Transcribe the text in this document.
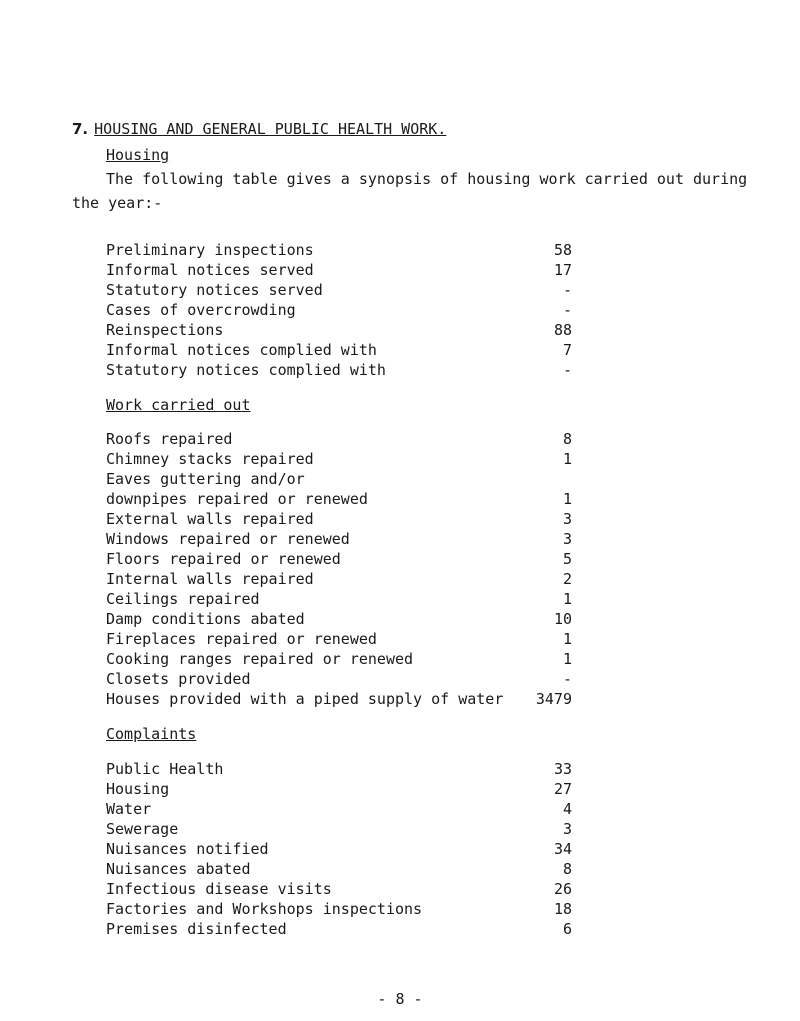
7. HOUSING AND GENERAL PUBLIC HEALTH WORK.
Housing
The following table gives a synopsis of housing work carried out during
the year:-
Preliminary inspections	58
Informal notices served	17
Statutory notices served	-
Cases of overcrowding	-
Reinspections	88
Informal notices complied with	7
Statutory notices complied with	-
Work carried out
Roofs repaired	8
Chimney stacks repaired	1
Eaves guttering and/or
downpipes repaired or renewed	1
External walls repaired	3
Windows repaired or renewed	3
Floors repaired or renewed	5
Internal walls repaired	2
Ceilings repaired	1
Damp conditions abated	10
Fireplaces repaired or renewed	1
Cooking ranges repaired or renewed	1
Closets provided	-
Houses provided with a piped supply of water 3479
Complaints
Public Health	33
Housing	27
Water	4
Sewerage	3
Nuisances notified	34
Nuisances abated	8
Infectious disease visits	26
Factories and Workshops inspections	18
Premises disinfected	6
- 8 -
